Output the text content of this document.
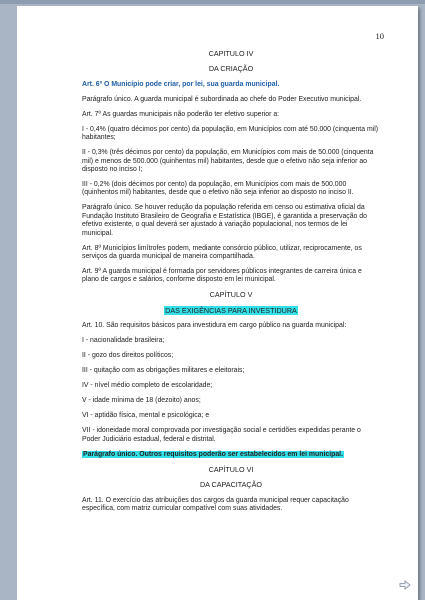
10

CAPITULO IV

DA CRIAÇÃO

Art. 6º O Município pode criar, por lei, sua guarda municipal.

Parágrafo único. A guarda municipal é subordinada ao chefe do Poder Executivo municipal.

Art. 7º As guardas municipais não poderão ter efetivo superior a:

I - 0,4% (quatro décimos por cento) da população, em Municípios com até 50.000 (cinquenta mil) habitantes;

II - 0,3% (três décimos por cento) da população, em Municípios com mais de 50.000 (cinquenta mil) e menos de 500.000 (quinhentos mil) habitantes, desde que o efetivo não seja inferior ao disposto no inciso I;

III - 0,2% (dois décimos por cento) da população, em Municípios com mais de 500.000 (quinhentos mil) habitantes, desde que o efetivo não seja inferior ao disposto no inciso II.

Parágrafo único. Se houver redução da população referida em censo ou estimativa oficial da Fundação Instituto Brasileiro de Geografia e Estatística (IBGE), é garantida a preservação do efetivo existente, o qual deverá ser ajustado à variação populacional, nos termos de lei municipal.

Art. 8º Municípios limítrofes podem, mediante consórcio público, utilizar, reciprocamente, os serviços da guarda municipal de maneira compartilhada.

Art. 9º A guarda municipal é formada por servidores públicos integrantes de carreira única e plano de cargos e salários, conforme disposto em lei municipal.

CAPÍTULO V

DAS EXIGÊNCIAS PARA INVESTIDURA

Art. 10. São requisitos básicos para investidura em cargo público na guarda municipal:

I - nacionalidade brasileira;

II - gozo dos direitos políticos;

III - quitação com as obrigações militares e eleitorais;

IV - nível médio completo de escolaridade;

V - idade mínima de 18 (dezoito) anos;

VI - aptidão física, mental e psicológica; e

VII - idoneidade moral comprovada por investigação social e certidões expedidas perante o Poder Judiciário estadual, federal e distrital.

Parágrafo único. Outros requisitos poderão ser estabelecidos em lei municipal.

CAPÍTULO VI

DA CAPACITAÇÃO

Art. 11. O exercício das atribuições dos cargos da guarda municipal requer capacitação específica, com matriz curricular compatível com suas atividades.
